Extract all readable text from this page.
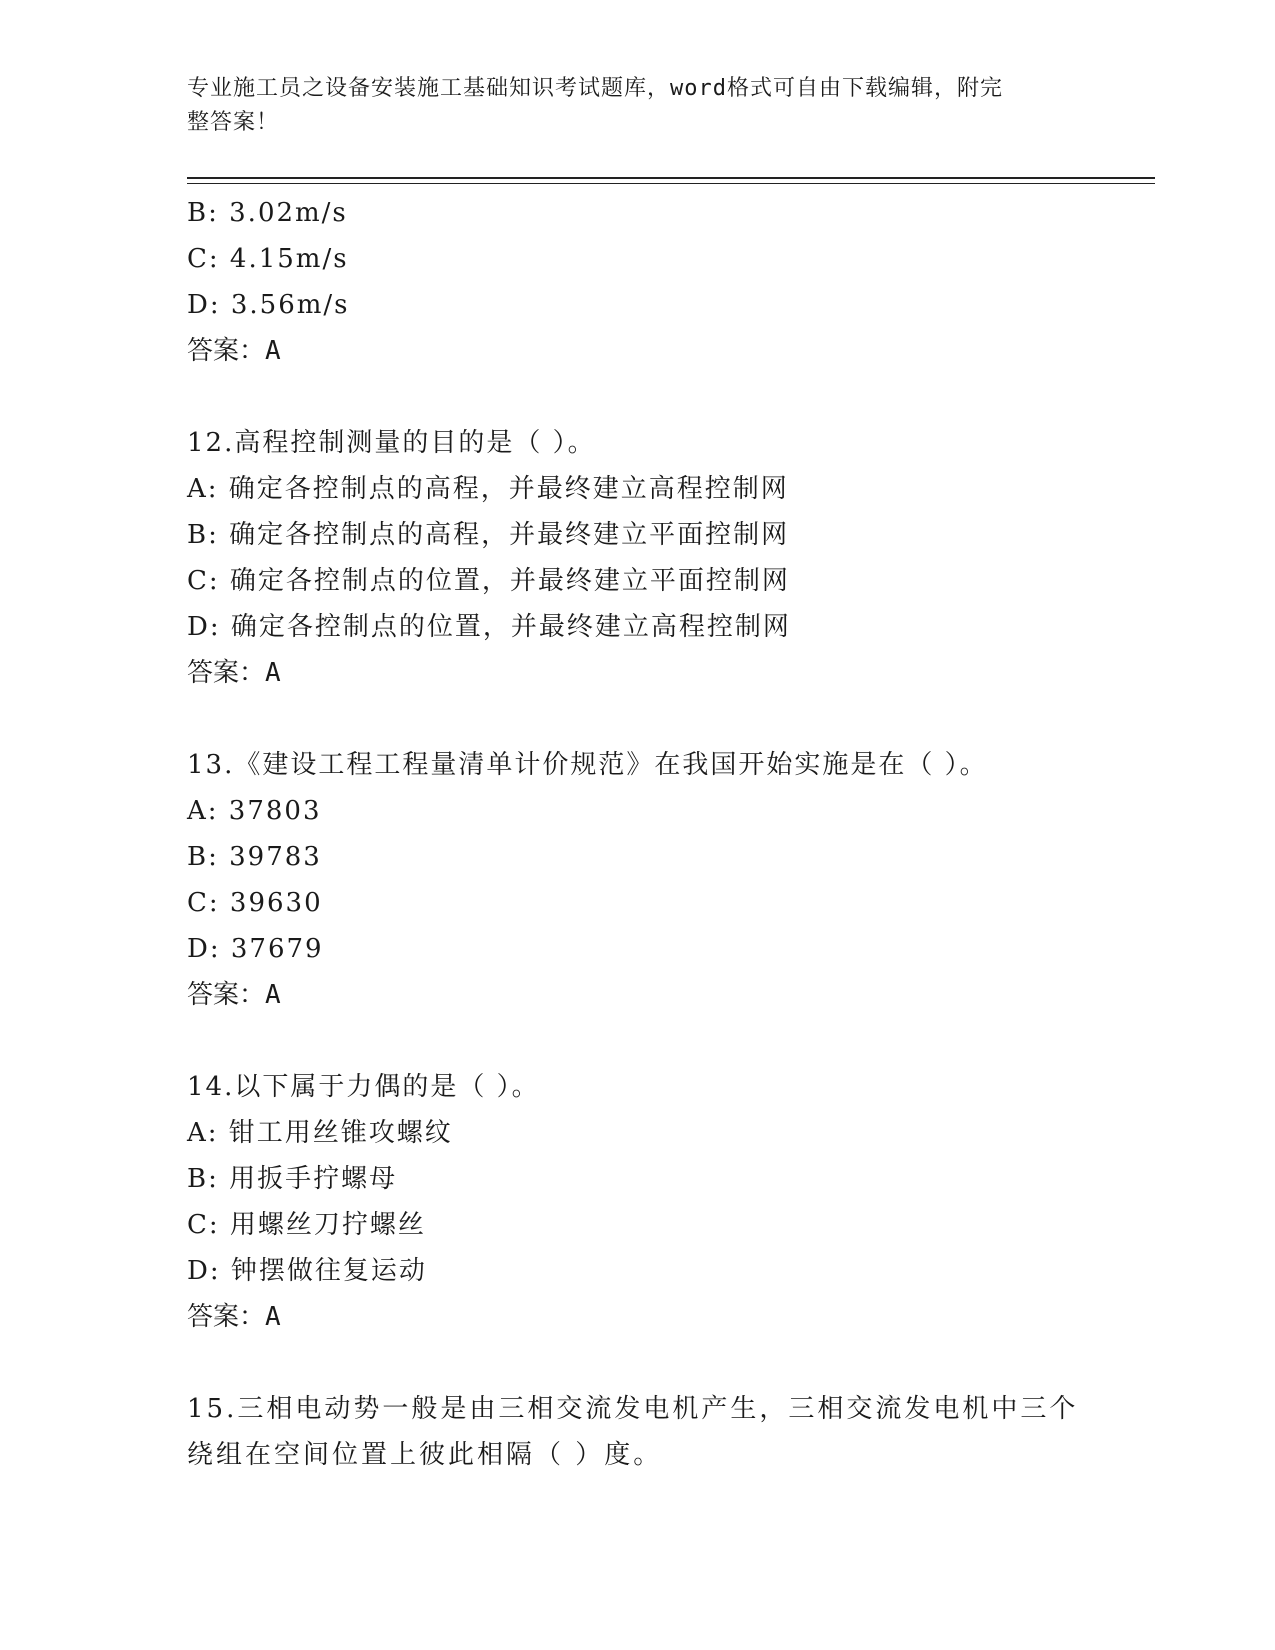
专业施工员之设备安装施工基础知识考试题库，word格式可自由下载编辑，附完
整答案！
B: 3.02m/s
C: 4.15m/s
D: 3.56m/s
答案：A
12.高程控制测量的目的是（ ）。
A: 确定各控制点的高程，并最终建立高程控制网
B: 确定各控制点的高程，并最终建立平面控制网
C: 确定各控制点的位置，并最终建立平面控制网
D: 确定各控制点的位置，并最终建立高程控制网
答案：A
13.《建设工程工程量清单计价规范》在我国开始实施是在（ ）。
A: 37803
B: 39783
C: 39630
D: 37679
答案：A
14.以下属于力偶的是（ ）。
A: 钳工用丝锥攻螺纹
B: 用扳手拧螺母
C: 用螺丝刀拧螺丝
D: 钟摆做往复运动
答案：A
15.三相电动势一般是由三相交流发电机产生，三相交流发电机中三个
绕组在空间位置上彼此相隔（ ）度。
